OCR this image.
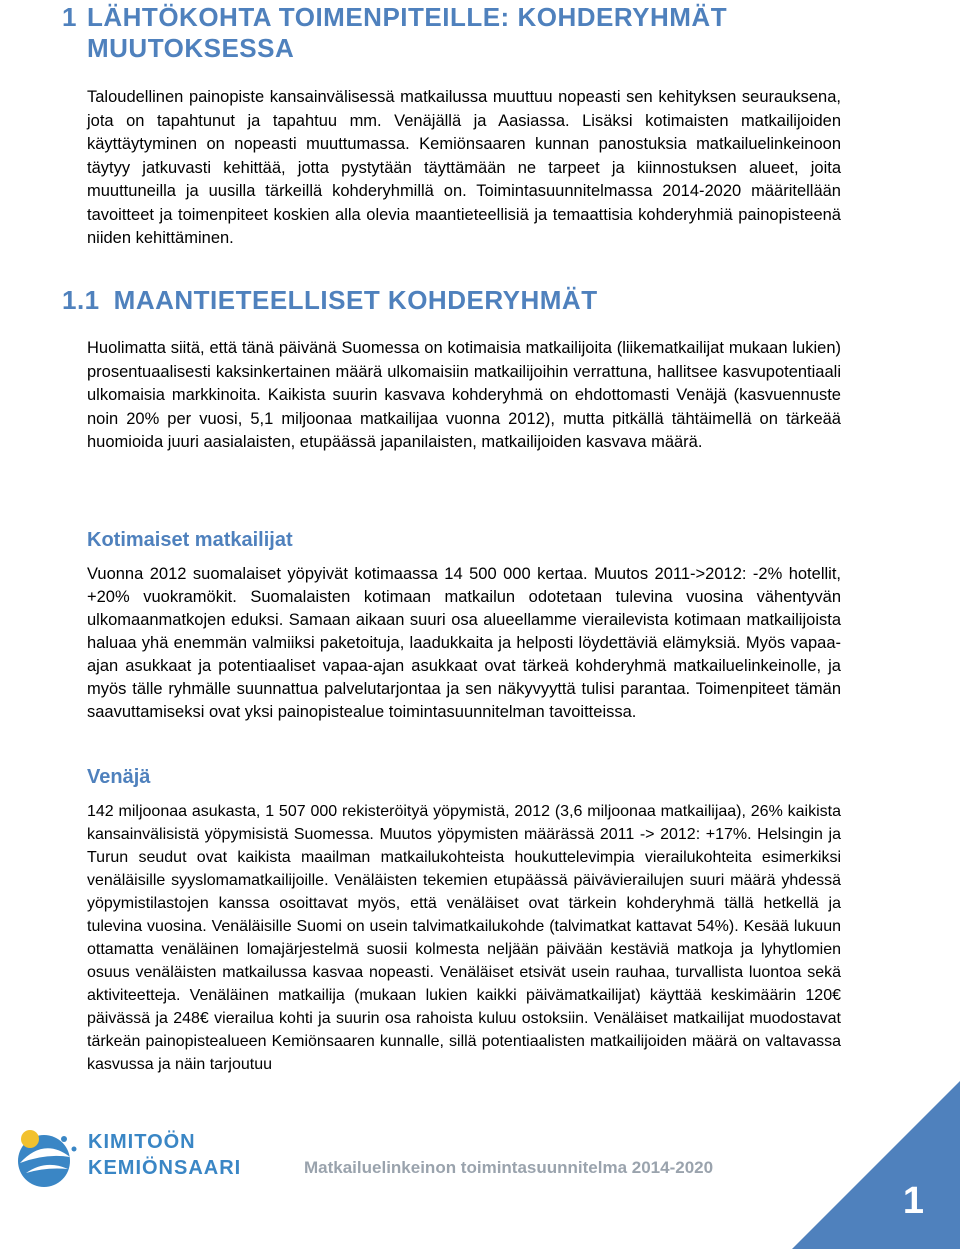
1 LÄHTÖKOHTA TOIMENPITEILLE: KOHDERYHMÄT MUUTOKSESSA

Taloudellinen painopiste kansainvälisessä matkailussa muuttuu nopeasti sen kehityksen seurauksena, jota on tapahtunut ja tapahtuu mm. Venäjällä ja Aasiassa. Lisäksi kotimaisten matkailijoiden käyttäytyminen on nopeasti muuttumassa. Kemiönsaaren kunnan panostuksia matkailuelinkeinoon täytyy jatkuvasti kehittää, jotta pystytään täyttämään ne tarpeet ja kiinnostuksen alueet, joita muuttuneilla ja uusilla tärkeillä kohderyhmillä on. Toimintasuunnitelmassa 2014-2020 määritellään tavoitteet ja toimenpiteet koskien alla olevia maantieteellisiä ja temaattisia kohderyhmiä painopisteenä niiden kehittäminen.

1.1 MAANTIETEELLISET KOHDERYHMÄT

Huolimatta siitä, että tänä päivänä Suomessa on kotimaisia matkailijoita (liikematkailijat mukaan lukien) prosentuaalisesti kaksinkertainen määrä ulkomaisiin matkailijoihin verrattuna, hallitsee kasvupotentiaali ulkomaisia markkinoita. Kaikista suurin kasvava kohderyhmä on ehdottomasti Venäjä (kasvuennuste noin 20% per vuosi, 5,1 miljoonaa matkailijaa vuonna 2012), mutta pitkällä tähtäimellä on tärkeää huomioida juuri aasialaisten, etupäässä japanilaisten, matkailijoiden kasvava määrä.

Kotimaiset matkailijat

Vuonna 2012 suomalaiset yöpyivät kotimaassa 14 500 000 kertaa. Muutos 2011->2012: -2% hotellit, +20% vuokramökit. Suomalaisten kotimaan matkailun odotetaan tulevina vuosina vähentyvän ulkomaanmatkojen eduksi. Samaan aikaan suuri osa alueellamme vierailevista kotimaan matkailijoista haluaa yhä enemmän valmiiksi paketoituja, laadukkaita ja helposti löydettäviä elämyksiä. Myös vapaa-ajan asukkaat ja potentiaaliset vapaa-ajan asukkaat ovat tärkeä kohderyhmä matkailuelinkeinolle, ja myös tälle ryhmälle suunnattua palvelutarjontaa ja sen näkyvyyttä tulisi parantaa. Toimenpiteet tämän saavuttamiseksi ovat yksi painopistealue toimintasuunnitelman tavoitteissa.

Venäjä

142 miljoonaa asukasta, 1 507 000 rekisteröityä yöpymistä, 2012 (3,6 miljoonaa matkailijaa), 26% kaikista kansainvälisistä yöpymisistä Suomessa. Muutos yöpymisten määrässä 2011 -> 2012: +17%. Helsingin ja Turun seudut ovat kaikista maailman matkailukohteista houkuttelevimpia vierailukohteita esimerkiksi venäläisille syyslomamatkailijoille. Venäläisten tekemien etupäässä päivävierailujen suuri määrä yhdessä yöpymistilastojen kanssa osoittavat myös, että venäläiset ovat tärkein kohderyhmä tällä hetkellä ja tulevina vuosina. Venäläisille Suomi on usein talvimatkailukohde (talvimatkat kattavat 54%). Kesää lukuun ottamatta venäläinen lomajärjestelmä suosii kolmesta neljään päivään kestäviä matkoja ja lyhytlomien osuus venäläisten matkailussa kasvaa nopeasti. Venäläiset etsivät usein rauhaa, turvallista luontoa sekä aktiviteetteja. Venäläinen matkailija (mukaan lukien kaikki päivämatkailijat) käyttää keskimäärin 120€ päivässä ja 248€ vierailua kohti ja suurin osa rahoista kuluu ostoksiin. Venäläiset matkailijat muodostavat tärkeän painopistealueen Kemiönsaaren kunnalle, sillä potentiaalisten matkailijoiden määrä on valtavassa kasvussa ja näin tarjoutuu

KIMITOÖN

KEMIÖNSAARI	Matkailuelinkeinon toimintasuunnitelma 2014-2020

1
